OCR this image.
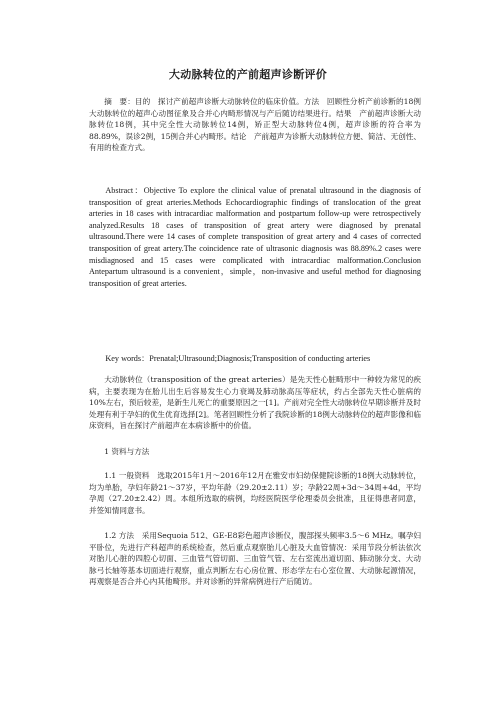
大动脉转位的产前超声诊断评价
摘　要：目的　探讨产前超声诊断大动脉转位的临床价值。方法　回顾性分析产前诊断的18例大动脉转位的超声心动图征象及合并心内畸形情况与产后随访结果进行。结果　产前超声诊断大动脉转位18例，其中完全性大动脉转位14例，矫正型大动脉转位4例，超声诊断的符合率为88.89%，误诊2例，15例合并心内畸形。结论　产前超声为诊断大动脉转位方便、简洁、无创性、有用的检查方式。
Abstract：Objective To explore the clinical value of prenatal ultrasound in the diagnosis of transposition of great arteries.Methods Echocardiographic findings of translocation of the great arteries in 18 cases with intracardiac malformation and postpartum follow-up were retrospectively analyzed.Results 18 cases of transposition of great artery were diagnosed by prenatal ultrasound.There were 14 cases of complete transposition of great artery and 4 cases of corrected transposition of great artery.The coincidence rate of ultrasonic diagnosis was 88.89%.2 cases were misdiagnosed and 15 cases were complicated with intracardiac malformation.Conclusion Antepartum ultrasound is a convenient，simple，non-invasive and useful method for diagnosing transposition of great arteries.
Key words：Prenatal;Ultrasound;Diagnosis;Transposition of conducting arteries
大动脉转位（transposition of the great arteries）是先天性心脏畸形中一种较为常见的疾病，主要表现为在胎儿出生后容易发生心力衰竭及肺动脉高压等症状，约占全部先天性心脏病的10%左右，预后较差，是新生儿死亡的重要原因之一[1]。产前对完全性大动脉转位早期诊断并及时处理有利于孕妇的优生优育选择[2]。笔者回顾性分析了我院诊断的18例大动脉转位的超声影像和临床资料，旨在探讨产前超声在本病诊断中的价值。
1 资料与方法
1.1 一般资料　选取2015年1月～2016年12月在雅安市妇幼保健院诊断的18例大动脉转位，均为单胎，孕妇年龄21～37岁，平均年龄（29.20±2.11）岁；孕龄22周+3d～34周+4d，平均孕周（27.20±2.42）周。本组所选取的病例，均经医院医学伦理委员会批准，且征得患者同意，并签知情同意书。
1.2 方法　采用Sequoia 512、GE-E8彩色超声诊断仪，腹部探头频率3.5～6 MHz。嘱孕妇平卧位，先进行产科超声的系统检查，然后重点观察胎儿心脏及大血管情况：采用节段分析法依次对胎儿心脏的四腔心切面、三血管气管切面、三血管气管、左右室流出道切面、肺动脉分支、大动脉弓长轴等基本切面进行观察，重点判断左右心房位置、形态学左右心室位置、大动脉起源情况，再观察是否合并心内其他畸形。并对诊断的异常病例进行产后随访。
